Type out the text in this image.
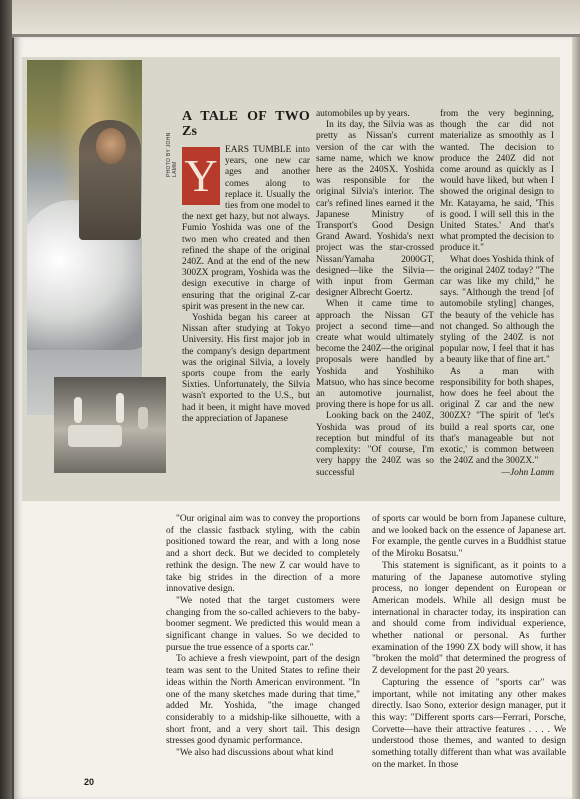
PHOTO BY JOHN LAMM
A TALE OF TWO Zs
Y EARS TUMBLE into years, one new car ages and another comes along to replace it. Usually the ties from one model to the next get hazy, but not always. Fumio Yoshida was one of the two men who created and then refined the shape of the original 240Z. And at the end of the new 300ZX program, Yoshida was the design executive in charge of ensuring that the original Z-car spirit was present in the new car.

Yoshida began his career at Nissan after studying at Tokyo University. His first major job in the company's design department was the original Silvia, a lovely sports coupe from the early Sixties. Unfortunately, the Silvia wasn't exported to the U.S., but had it been, it might have moved the appreciation of Japanese

automobiles up by years.

In its day, the Silvia was as pretty as Nissan's current version of the car with the same name, which we know here as the 240SX. Yoshida was responsible for the original Silvia's interior. The car's refined lines earned it the Japanese Ministry of Transport's Good Design Grand Award. Yoshida's next project was the star-crossed Nissan/Yamaha 2000GT, designed—like the Silvia—with input from German designer Albrecht Goertz.

When it came time to approach the Nissan GT project a second time—and create what would ultimately become the 240Z—the original proposals were handled by Yoshida and Yoshihiko Matsuo, who has since become an automotive journalist, proving there is hope for us all.

Looking back on the 240Z, Yoshida was proud of its reception but mindful of its complexity: "Of course, I'm very happy the 240Z was so successful

from the very beginning, though the car did not materialize as smoothly as I wanted. The decision to produce the 240Z did not come around as quickly as I would have liked, but when I showed the original design to Mr. Katayama, he said, 'This is good. I will sell this in the United States.' And that's what prompted the decision to produce it."

What does Yoshida think of the original 240Z today? "The car was like my child," he says. "Although the trend [of automobile styling] changes, the beauty of the vehicle has not changed. So although the styling of the 240Z is not popular now, I feel that it has a beauty like that of fine art."

As a man with responsibility for both shapes, how does he feel about the original Z car and the new 300ZX? "The spirit of 'let's build a real sports car, one that's manageable but not exotic,' is common between the 240Z and the 300ZX."

—John Lamm

"Our original aim was to convey the proportions of the classic fastback styling, with the cabin positioned toward the rear, and with a long nose and a short deck. But we decided to completely rethink the design. The new Z car would have to take big strides in the direction of a more innovative design.

"We noted that the target customers were changing from the so-called achievers to the baby-boomer segment. We predicted this would mean a significant change in values. So we decided to pursue the true essence of a sports car."

To achieve a fresh viewpoint, part of the design team was sent to the United States to refine their ideas within the North American environment. "In one of the many sketches made during that time," added Mr. Yoshida, "the image changed considerably to a midship-like silhouette, with a short front, and a very short tail. This design stresses good dynamic performance.

"We also had discussions about what kind

of sports car would be born from Japanese culture, and we looked back on the essence of Japanese art. For example, the gentle curves in a Buddhist statue of the Miroku Bosatsu."

This statement is significant, as it points to a maturing of the Japanese automotive styling process, no longer dependent on European or American models. While all design must be international in character today, its inspiration can and should come from individual experience, whether national or personal. As further examination of the 1990 ZX body will show, it has "broken the mold" that determined the progress of Z development for the past 20 years.

Capturing the essence of "sports car" was important, while not imitating any other makes directly. Isao Sono, exterior design manager, put it this way: "Different sports cars—Ferrari, Porsche, Corvette—have their attractive features . . . . We understood those themes, and wanted to design something totally different than what was available on the market. In those

20
